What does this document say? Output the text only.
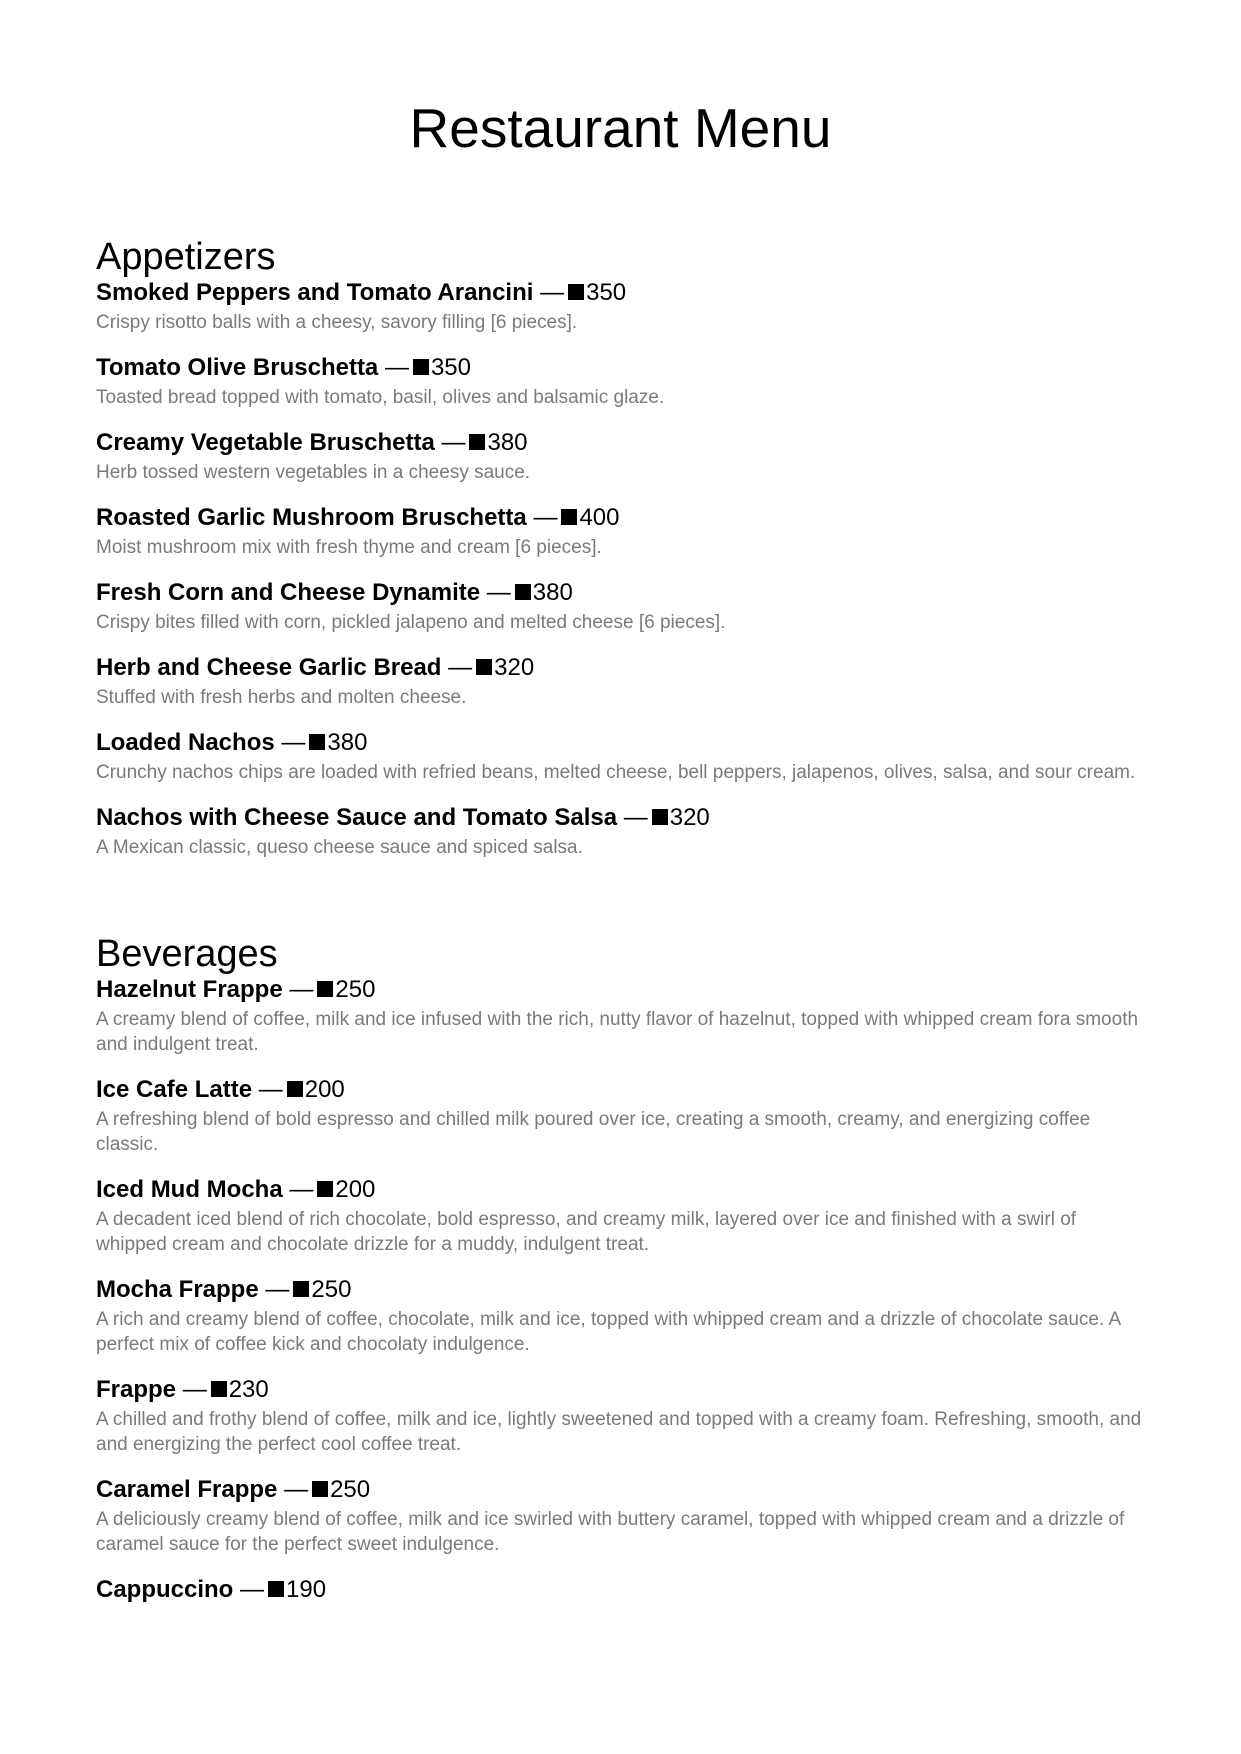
Restaurant Menu
Appetizers
Smoked Peppers and Tomato Arancini — 350
Crispy risotto balls with a cheesy, savory filling [6 pieces].
Tomato Olive Bruschetta — 350
Toasted bread topped with tomato, basil, olives and balsamic glaze.
Creamy Vegetable Bruschetta — 380
Herb tossed western vegetables in a cheesy sauce.
Roasted Garlic Mushroom Bruschetta — 400
Moist mushroom mix with fresh thyme and cream [6 pieces].
Fresh Corn and Cheese Dynamite — 380
Crispy bites filled with corn, pickled jalapeno and melted cheese [6 pieces].
Herb and Cheese Garlic Bread — 320
Stuffed with fresh herbs and molten cheese.
Loaded Nachos — 380
Crunchy nachos chips are loaded with refried beans, melted cheese, bell peppers, jalapenos, olives, salsa, and sour cream.
Nachos with Cheese Sauce and Tomato Salsa — 320
A Mexican classic, queso cheese sauce and spiced salsa.
Beverages
Hazelnut Frappe — 250
A creamy blend of coffee, milk and ice infused with the rich, nutty flavor of hazelnut, topped with whipped cream fora smooth and indulgent treat.
Ice Cafe Latte — 200
A refreshing blend of bold espresso and chilled milk poured over ice, creating a smooth, creamy, and energizing coffee classic.
Iced Mud Mocha — 200
A decadent iced blend of rich chocolate, bold espresso, and creamy milk, layered over ice and finished with a swirl of whipped cream and chocolate drizzle for a muddy, indulgent treat.
Mocha Frappe — 250
A rich and creamy blend of coffee, chocolate, milk and ice, topped with whipped cream and a drizzle of chocolate sauce. A perfect mix of coffee kick and chocolaty indulgence.
Frappe — 230
A chilled and frothy blend of coffee, milk and ice, lightly sweetened and topped with a creamy foam. Refreshing, smooth, and and energizing the perfect cool coffee treat.
Caramel Frappe — 250
A deliciously creamy blend of coffee, milk and ice swirled with buttery caramel, topped with whipped cream and a drizzle of caramel sauce for the perfect sweet indulgence.
Cappuccino — 190
